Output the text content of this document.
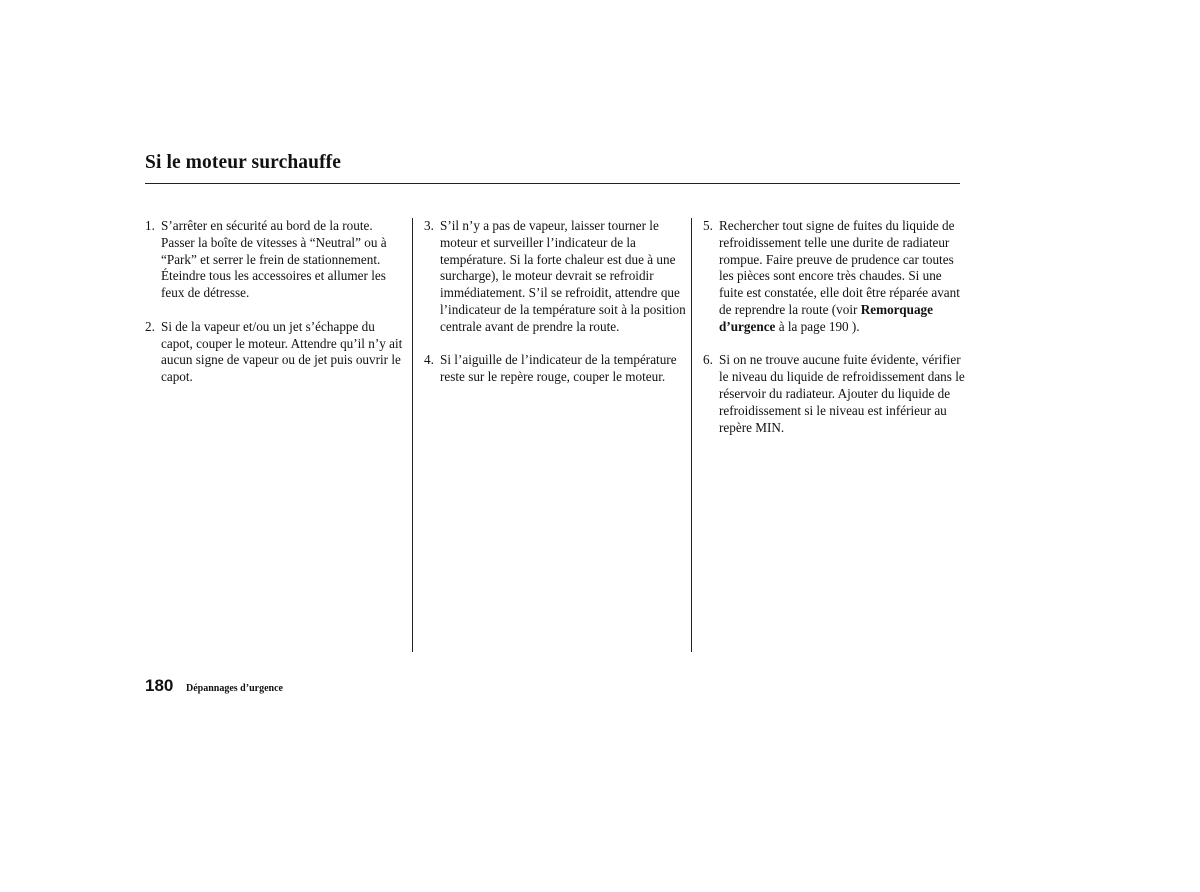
Si le moteur surchauffe
1. S’arrêter en sécurité au bord de la route. Passer la boîte de vitesses à “Neutral” ou à “Park” et serrer le frein de stationnement. Éteindre tous les accessoires et allumer les feux de détresse.
2. Si de la vapeur et/ou un jet s’échappe du capot, couper le moteur. Attendre qu’il n’y ait aucun signe de vapeur ou de jet puis ouvrir le capot.
3. S’il n’y a pas de vapeur, laisser tourner le moteur et surveiller l’indicateur de la température. Si la forte chaleur est due à une surcharge), le moteur devrait se refroidir immédiatement. S’il se refroidit, attendre que l’indicateur de la température soit à la position centrale avant de prendre la route.
4. Si l’aiguille de l’indicateur de la température reste sur le repère rouge, couper le moteur.
5. Rechercher tout signe de fuites du liquide de refroidissement telle une durite de radiateur rompue. Faire preuve de prudence car toutes les pièces sont encore très chaudes. Si une fuite est constatée, elle doit être réparée avant de reprendre la route (voir Remorquage d’urgence à la page 190 ).
6. Si on ne trouve aucune fuite évidente, vérifier le niveau du liquide de refroidissement dans le réservoir du radiateur. Ajouter du liquide de refroidissement si le niveau est inférieur au repère MIN.
180 Dépannages d’urgence
